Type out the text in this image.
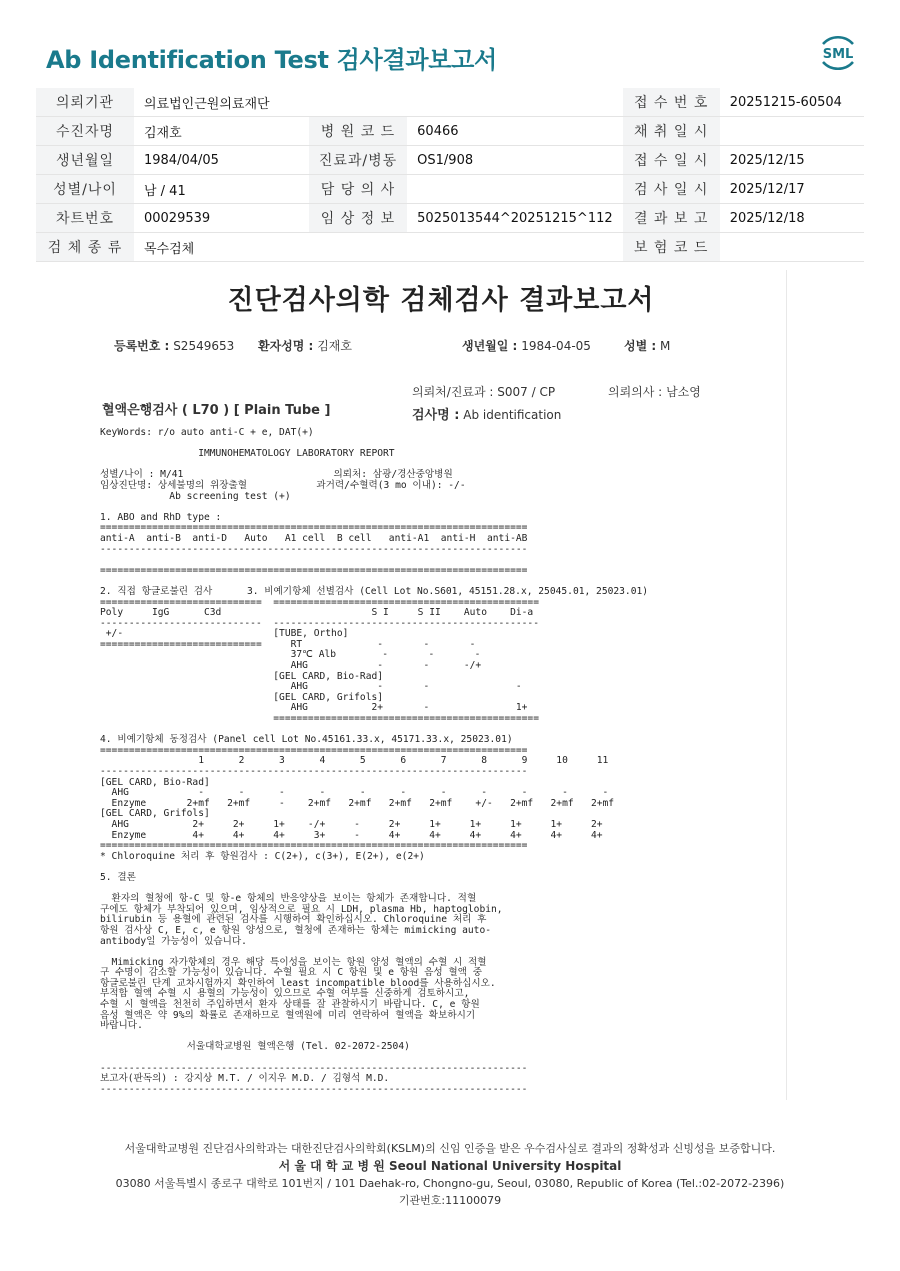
Ab Identification Test 검사결과보고서	SML
의뢰기관	의료법인근원의료재단			접 수 번 호	20251215-60504
수진자명	김재호	병 원 코 드	60466	채 취 일 시	
생년월일	1984/04/05	진료과/병동	OS1/908	접 수 일 시	2025/12/15
성별/나이	남 / 41	담 당 의 사		검 사 일 시	2025/12/17
차트번호	00029539	임 상 정 보	5025013544^20251215^112	결 과 보 고	2025/12/18
검 체 종 류	목수검체			보 험 코 드	
진단검사의학 검체검사 결과보고서
등록번호 : S2549653 환자성명 : 김재호	생년월일 : 1984-04-05	성별 : M
의뢰처/진료과 : S007 / CP	의뢰의사 : 남소영
혈액은행검사 ( L70 ) [ Plain Tube ]	검사명 : Ab identification
KeyWords: r/o auto anti-C + e, DAT(+)

IMMUNOHEMATOLOGY LABORATORY REPORT

성별/나이 : M/41                          의뢰처: 삼광/경산중앙병원
임상진단명: 상세불명의 위장출혈            과거력/수혈력(3 mo 이내): -/-
Ab screening test (+)

1. ABO and RhD type :
==========================================================================
anti-A  anti-B  anti-D   Auto   A1 cell  B cell   anti-A1  anti-H  anti-AB
--------------------------------------------------------------------------

==========================================================================

2. 직접 항글로불린 검사      3. 비예기항체 선별검사 (Cell Lot No.S601, 45151.28.x, 25045.01, 25023.01)
============================  ==============================================
Poly     IgG      C3d                          S I     S II    Auto    Di-a
----------------------------  ----------------------------------------------
+/-                          [TUBE, Ortho]
============================     RT             -       -       -
37℃ Alb        -       -       -
AHG            -       -      -/+
[GEL CARD, Bio-Rad]
AHG            -       -               -
[GEL CARD, Grifols]
AHG           2+       -               1+
==============================================

4. 비예기항체 동정검사 (Panel cell Lot No.45161.33.x, 45171.33.x, 25023.01)
==========================================================================
1      2      3      4      5      6      7      8      9     10     11
--------------------------------------------------------------------------
[GEL CARD, Bio-Rad]
AHG            -      -      -      -      -      -      -      -      -      -      -
Enzyme       2+mf   2+mf     -    2+mf   2+mf   2+mf   2+mf    +/-   2+mf   2+mf   2+mf
[GEL CARD, Grifols]
AHG           2+     2+     1+    -/+     -     2+     1+     1+     1+     1+     2+
Enzyme        4+     4+     4+     3+     -     4+     4+     4+     4+     4+     4+
==========================================================================
* Chloroquine 처리 후 항원검사 : C(2+), c(3+), E(2+), e(2+)

5. 결론

환자의 혈청에 항-C 및 항-e 항체의 반응양상을 보이는 항체가 존재합니다. 적혈
구에도 항체가 부착되어 있으며, 임상적으로 필요 시 LDH, plasma Hb, haptoglobin,
bilirubin 등 용혈에 관련된 검사를 시행하여 확인하십시오. Chloroquine 처리 후
항원 검사상 C, E, c, e 항원 양성으로, 혈청에 존재하는 항체는 mimicking auto-
antibody일 가능성이 있습니다.

Mimicking 자가항체의 경우 해당 특이성을 보이는 항원 양성 혈액의 수혈 시 적혈
구 수명이 감소할 가능성이 있습니다. 수혈 필요 시 C 항원 및 e 항원 음성 혈액 중
항글로불린 단계 교차시험까지 확인하여 least incompatible blood를 사용하십시오.
부적합 혈액 수혈 시 용혈의 가능성이 있으므로 수혈 여부를 신중하게 검토하시고,
수혈 시 혈액을 천천히 주입하면서 환자 상태를 잘 관찰하시기 바랍니다. C, e 항원
음성 혈액은 약 9%의 확률로 존재하므로 혈액원에 미리 연락하여 혈액을 확보하시기
바랍니다.

서울대학교병원 혈액은행 (Tel. 02-2072-2504)

--------------------------------------------------------------------------
보고자(판독의) : 강지상 M.T. / 이지우 M.D. / 김형석 M.D.
--------------------------------------------------------------------------
서울대학교병원 진단검사의학과는 대한진단검사의학회(KSLM)의 신임 인증을 받은 우수검사실로 결과의 정확성과 신빙성을 보증합니다.
서 울 대 학 교 병 원 Seoul National University Hospital
03080 서울특별시 종로구 대학로 101번지 / 101 Daehak-ro, Chongno-gu, Seoul, 03080, Republic of Korea (Tel.:02-2072-2396)
기관번호:11100079
